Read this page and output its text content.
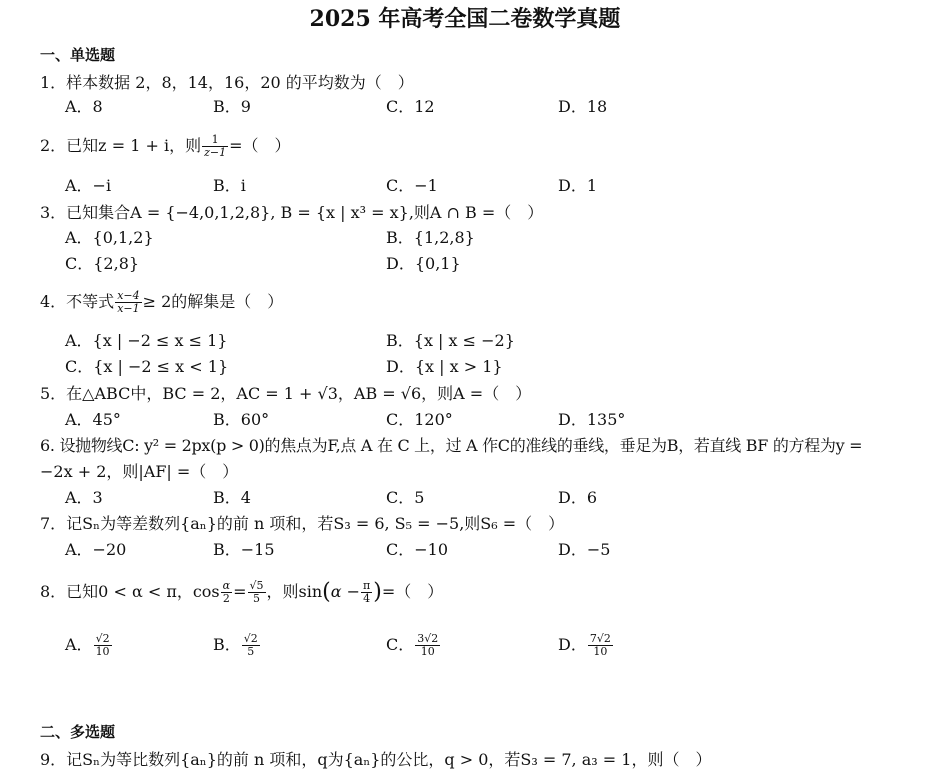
2025 年高考全国二卷数学真题
一、单选题
1．样本数据 2，8，14，16，20 的平均数为（　）
A．8	B．9	C．12	D．18
2．已知z = 1 + i，则 $\frac{1}{z-1}$ =（　）
A．−i	B．i	C．−1	D．1
3．已知集合A = {−4,0,1,2,8}, B = {x | x³ = x},则A ∩ B =（　）
A．{0,1,2}	B．{1,2,8}
C．{2,8}	D．{0,1}
4．不等式 $\frac{x-4}{x-1} \ge 2$的解集是（　）
A．{x | −2 ≤ x ≤ 1}	B．{x | x ≤ −2}
C．{x | −2 ≤ x < 1}	D．{x | x > 1}
5．在△ABC中，BC = 2，AC = 1 + √3，AB = √6，则A =（　）
A．45°	B．60°	C．120°	D．135°
6. 设抛物线C: y² = 2px(p > 0)的焦点为F,点 A 在 C 上，过 A 作C的准线的垂线，垂足为B，若直线 BF 的方程为y =
−2x + 2，则|AF| =（　）
A．3	B．4	C．5	D．6
7．记Sₙ为等差数列{aₙ}的前 n 项和，若S₃ = 6, S₅ = −5,则S₆ =（　）
A．−20	B．−15	C．−10	D．−5
8．已知0 < α < π，$\cos \frac{\alpha}{2} = \frac{√5}{5}$ ，则$\sin(\alpha - \frac{\pi}{4}$ )=（　）
A． $\frac{√2}{10}$	B． $\frac{√2}{5}$	C． $\frac{3√2}{10}$	D． $\frac{7√2}{10}$
二、多选题
9．记Sₙ为等比数列{aₙ}的前 n 项和，q为{aₙ}的公比，q > 0，若S₃ = 7, a₃ = 1，则（　）
